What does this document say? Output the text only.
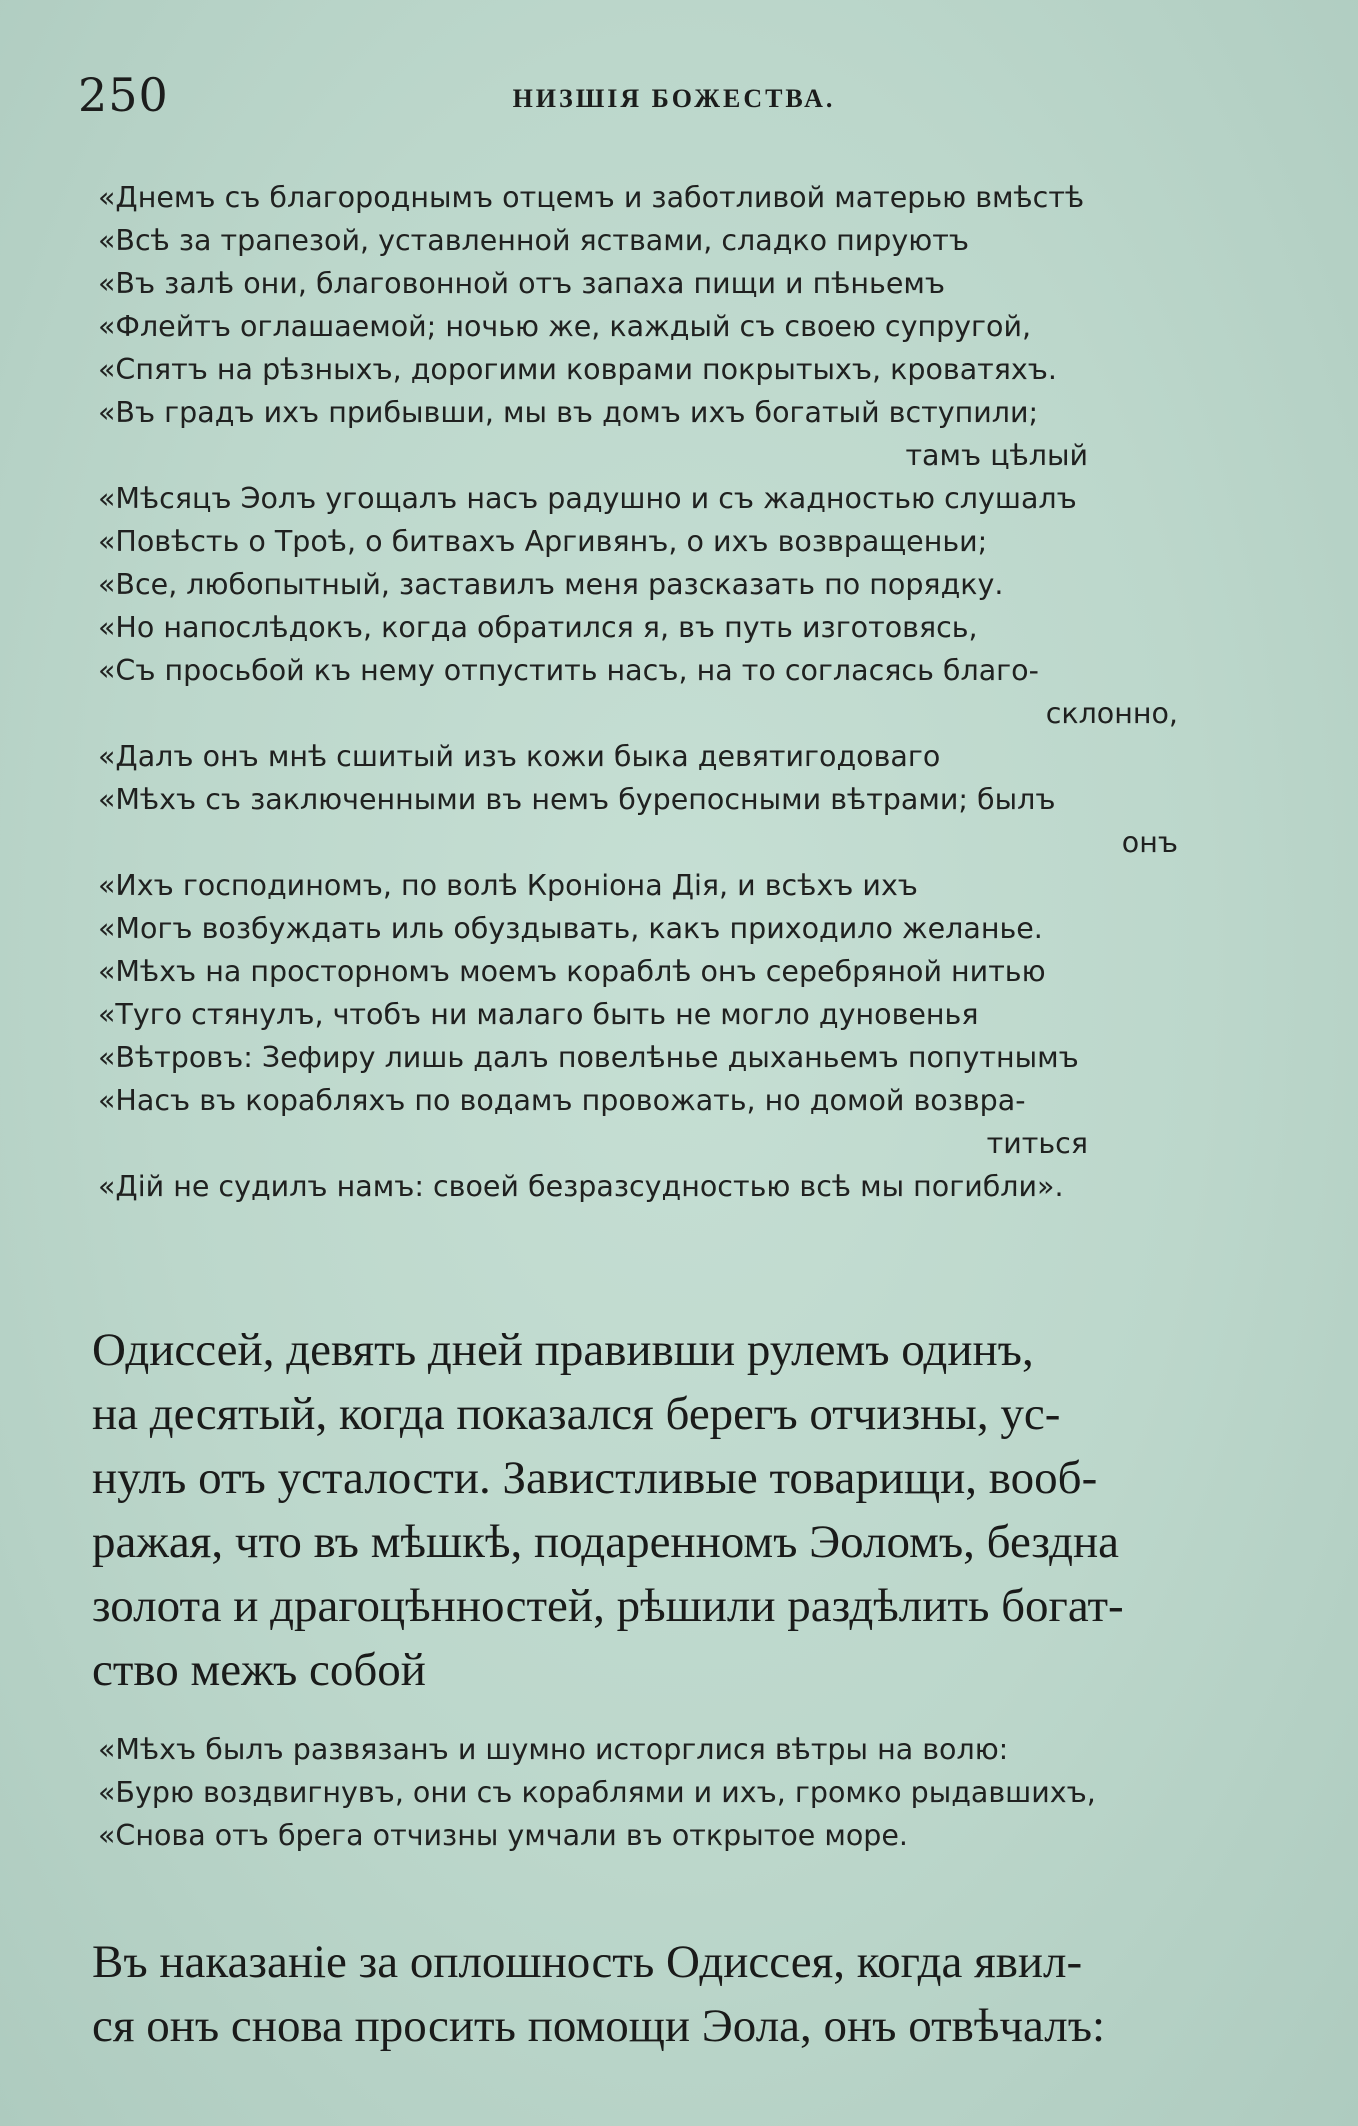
250	НИЗШІЯ БОЖЕСТВА.
«Днемъ съ благороднымъ отцемъ и заботливой матерью вмѣстѣ
«Всѣ за трапезой, уставленной яствами, сладко пируютъ
«Въ залѣ они, благовонной отъ запаха пищи и пѣньемъ
«Флейтъ оглашаемой; ночью же, каждый съ своею супругой,
«Спятъ на рѣзныхъ, дорогими коврами покрытыхъ, кроватяхъ.
«Въ градъ ихъ прибывши, мы въ домъ ихъ богатый вступили;
тамъ цѣлый
«Мѣсяцъ Эолъ угощалъ насъ радушно и съ жадностью слушалъ
«Повѣсть о Троѣ, о битвахъ Аргивянъ, о ихъ возвращеньи;
«Все, любопытный, заставилъ меня разсказать по порядку.
«Но напослѣдокъ, когда обратился я, въ путь изготовясь,
«Съ просьбой къ нему отпустить насъ, на то согласясь благо-
склонно,
«Далъ онъ мнѣ сшитый изъ кожи быка девятигодоваго
«Мѣхъ съ заключенными въ немъ бурепосными вѣтрами; былъ
онъ
«Ихъ господиномъ, по волѣ Кроніона Дія, и всѣхъ ихъ
«Могъ возбуждать иль обуздывать, какъ приходило желанье.
«Мѣхъ на просторномъ моемъ кораблѣ онъ серебряной нитью
«Туго стянулъ, чтобъ ни малаго быть не могло дуновенья
«Вѣтровъ: Зефиру лишь далъ повелѣнье дыханьемъ попутнымъ
«Насъ въ корабляхъ по водамъ провожать, но домой возвра-
титься
«Дій не судилъ намъ: своей безразсудностью всѣ мы погибли».
Одиссей, девять дней правивши рулемъ одинъ,
на десятый, когда показался берегъ отчизны, ус-
нулъ отъ усталости. Завистливые товарищи, вооб-
ражая, что въ мѣшкѣ, подаренномъ Эоломъ, бездна
золота и драгоцѣнностей, рѣшили раздѣлить богат-
ство межъ собой
«Мѣхъ былъ развязанъ и шумно исторглися вѣтры на волю:
«Бурю воздвигнувъ, они съ кораблями и ихъ, громко рыдавшихъ,
«Снова отъ брега отчизны умчали въ открытое море.
Въ наказаніе за оплошность Одиссея, когда явил-
ся онъ снова просить помощи Эола, онъ отвѣчалъ:
